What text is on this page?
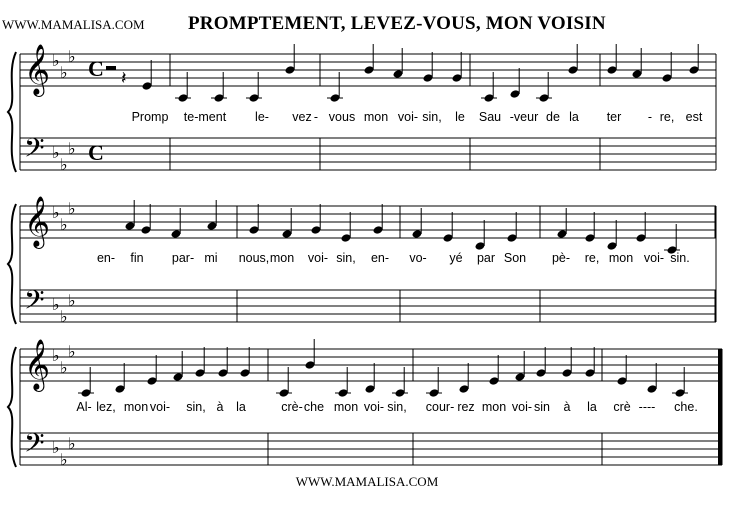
WWW.MAMALISA.COM PROMPTEMENT, LEVEZ-VOUS, MON VOISIN
𝄞
𝄢
♭
♭
♭
♭
♭
♭
C
C
𝄽
Promp te-ment le- vez - vous mon voi- sin, le Sau -veur de la ter - re, est
𝄞
𝄢
♭
♭
♭
♭
♭
♭
en- fin par- mi nous, mon voi- sin, en- vo- yé par Son pè- re, mon voi- sin.
𝄞
𝄢
♭
♭
♭
♭
♭
♭
Al- lez, mon voi- sin, à la	crè- che mon voi- sin, cour- rez mon voi- sin à la crè ---- che.
WWW.MAMALISA.COM
